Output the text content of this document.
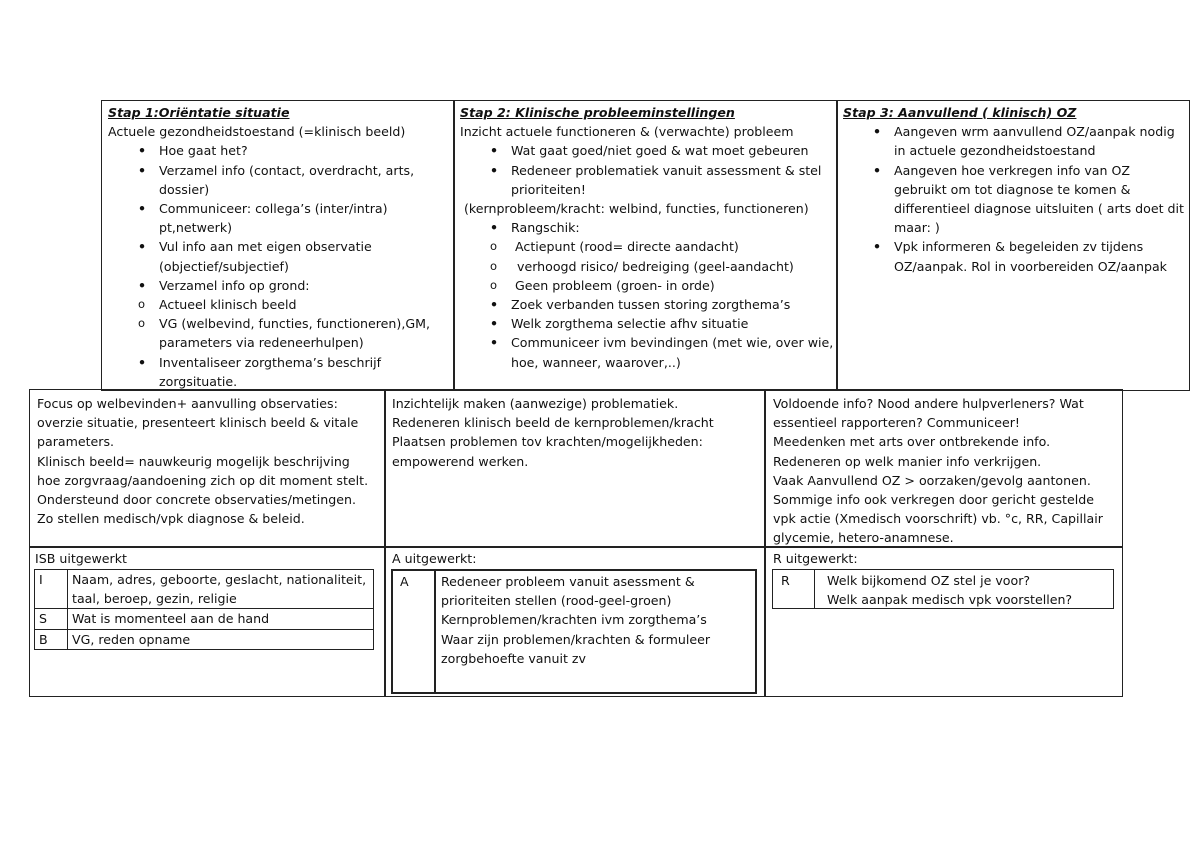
Stap 1:Oriëntatie situatie
Actuele gezondheidstoestand (=klinisch beeld)
• Hoe gaat het?
• Verzamel info (contact, overdracht, arts, dossier)
• Communiceer: collega’s (inter/intra) pt,netwerk)
• Vul info aan met eigen observatie (objectief/subjectief)
• Verzamel info op grond:
o Actueel klinisch beeld
o VG (welbevind, functies, functioneren),GM, parameters via redeneerhulpen)
• Inventaliseer zorgthema’s beschrijf zorgsituatie.
Stap 2: Klinische probleeminstellingen
Inzicht actuele functioneren & (verwachte) probleem
• Wat gaat goed/niet goed & wat moet gebeuren
• Redeneer problematiek vanuit assessment & stel prioriteiten!
(kernprobleem/kracht: welbind, functies, functioneren)
• Rangschik:
o Actiepunt (rood= directe aandacht)
o verhoogd risico/ bedreiging (geel-aandacht)
o Geen probleem (groen- in orde)
• Zoek verbanden tussen storing zorgthema’s
• Welk zorgthema selectie afhv situatie
• Communiceer ivm bevindingen (met wie, over wie, hoe, wanneer, waarover,..)
Stap 3: Aanvullend ( klinisch) OZ
• Aangeven wrm aanvullend OZ/aanpak nodig in actuele gezondheidstoestand
• Aangeven hoe verkregen info van OZ gebruikt om tot diagnose te komen & differentieel diagnose uitsluiten ( arts doet dit maar: )
• Vpk informeren & begeleiden zv tijdens OZ/aanpak. Rol in voorbereiden OZ/aanpak
Focus op welbevinden+ aanvulling observaties:
overzie situatie, presenteert klinisch beeld & vitale
parameters.
Klinisch beeld= nauwkeurig mogelijk beschrijving
hoe zorgvraag/aandoening zich op dit moment stelt.
Ondersteund door concrete observaties/metingen.
Zo stellen medisch/vpk diagnose & beleid.
Inzichtelijk maken (aanwezige) problematiek.
Redeneren klinisch beeld de kernproblemen/kracht
Plaatsen problemen tov krachten/mogelijkheden:
empowerend werken.
Voldoende info? Nood andere hulpverleners? Wat
essentieel rapporteren? Communiceer!
Meedenken met arts over ontbrekende info.
Redeneren op welk manier info verkrijgen.
Vaak Aanvullend OZ > oorzaken/gevolg aantonen.
Sommige info ook verkregen door gericht gestelde
vpk actie (Xmedisch voorschrift) vb. °c, RR, Capillair
glycemie, hetero-anamnese.
ISB uitgewerkt
I	Naam, adres, geboorte, geslacht, nationaliteit, taal, beroep, gezin, religie
S	Wat is momenteel aan de hand
B	VG, reden opname
A uitgewerkt:
A	Redeneer probleem vanuit asessment &
prioriteiten stellen (rood-geel-groen)
Kernproblemen/krachten ivm zorgthema’s
Waar zijn problemen/krachten & formuleer
zorgbehoefte vanuit zv
R uitgewerkt:
R	Welk bijkomend OZ stel je voor?
Welk aanpak medisch vpk voorstellen?
